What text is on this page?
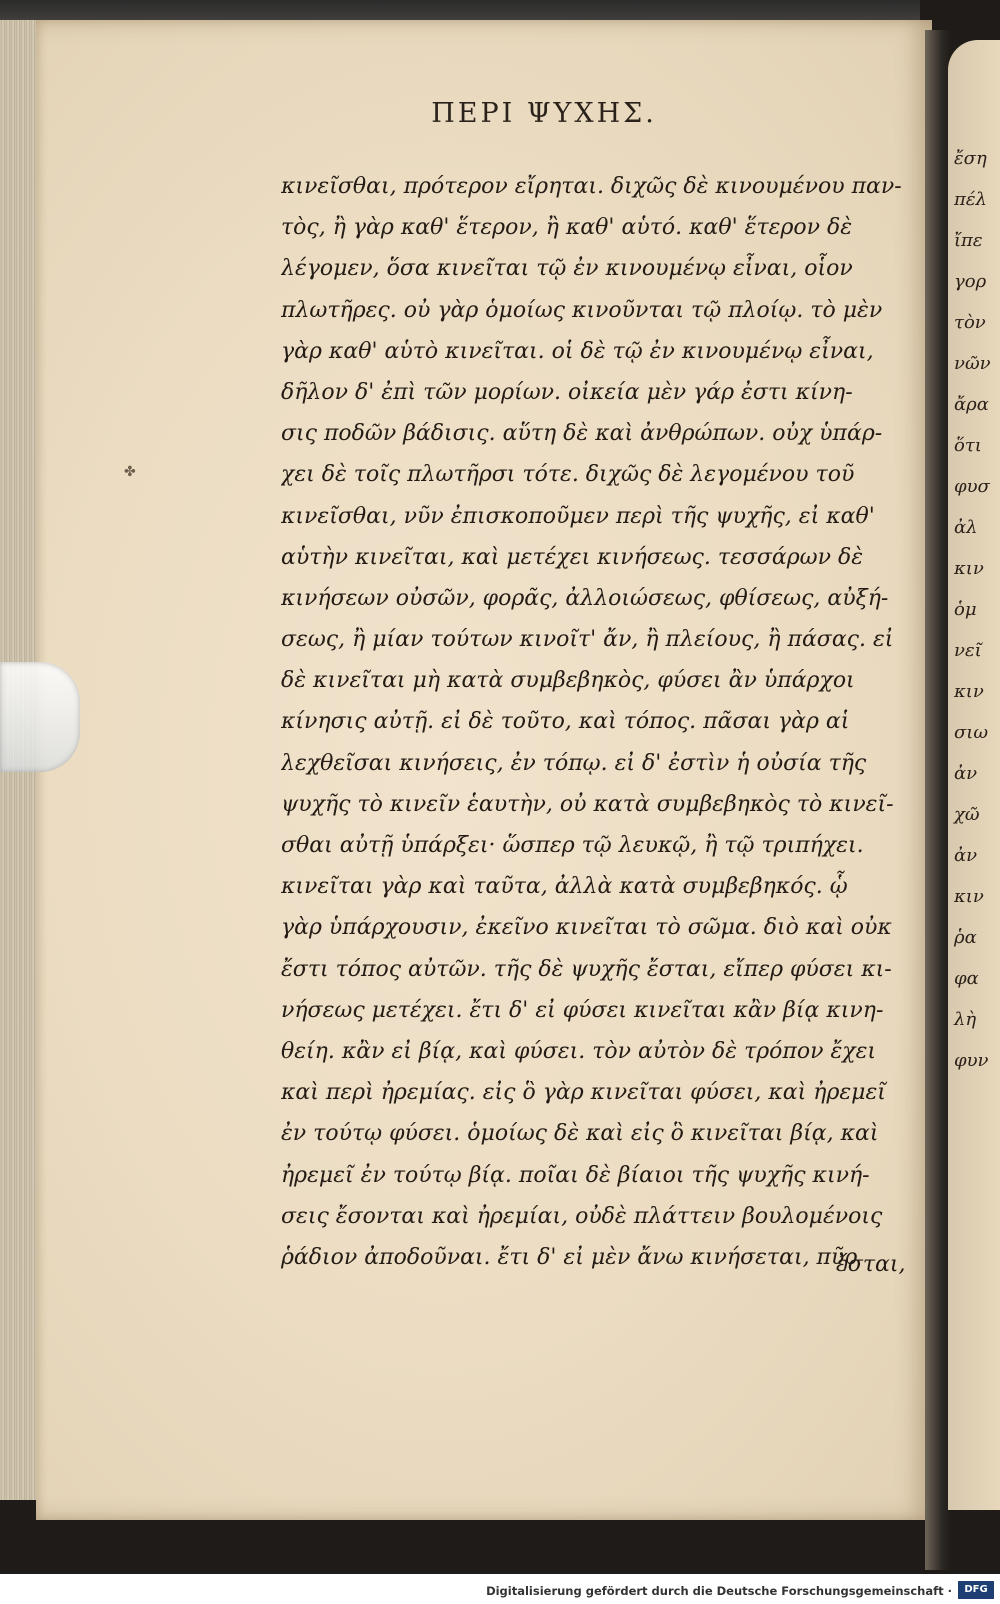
ΠΕΡΙ ΨΥΧΗΣ.
κινεῖσθαι, πρότερον εἴρηται. διχῶς δὲ κινουμένου παν-
τὸς, ἢ γὰρ καθ' ἕτερον, ἢ καθ' αὑτό. καθ' ἕτερον δὲ
λέγομεν, ὅσα κινεῖται τῷ ἐν κινουμένῳ εἶναι, οἷον
πλωτῆρες. οὐ γὰρ ὁμοίως κινοῦνται τῷ πλοίῳ. τὸ μὲν
γὰρ καθ' αὑτὸ κινεῖται. οἱ δὲ τῷ ἐν κινουμένῳ εἶναι,
δῆλον δ' ἐπὶ τῶν μορίων. οἰκεία μὲν γάρ ἐστι κίνη-
σις ποδῶν βάδισις. αὕτη δὲ καὶ ἀνθρώπων. οὐχ ὑπάρ-
χει δὲ τοῖς πλωτῆρσι τότε. διχῶς δὲ λεγομένου τοῦ
κινεῖσθαι, νῦν ἐπισκοποῦμεν περὶ τῆς ψυχῆς, εἰ καθ'
αὑτὴν κινεῖται, καὶ μετέχει κινήσεως. τεσσάρων δὲ
κινήσεων οὐσῶν, φορᾶς, ἀλλοιώσεως, φθίσεως, αὐξή-
σεως, ἢ μίαν τούτων κινοῖτ' ἄν, ἢ πλείους, ἢ πάσας. εἰ
δὲ κινεῖται μὴ κατὰ συμβεβηκὸς, φύσει ἂν ὑπάρχοι
κίνησις αὐτῇ. εἰ δὲ τοῦτο, καὶ τόπος. πᾶσαι γὰρ αἱ
λεχθεῖσαι κινήσεις, ἐν τόπῳ. εἰ δ' ἐστὶν ἡ οὐσία τῆς
ψυχῆς τὸ κινεῖν ἑαυτὴν, οὐ κατὰ συμβεβηκὸς τὸ κινεῖ-
σθαι αὐτῇ ὑπάρξει· ὥσπερ τῷ λευκῷ, ἢ τῷ τριπήχει.
κινεῖται γὰρ καὶ ταῦτα, ἀλλὰ κατὰ συμβεβηκός. ᾧ
γὰρ ὑπάρχουσιν, ἐκεῖνο κινεῖται τὸ σῶμα. διὸ καὶ οὐκ
ἔστι τόπος αὐτῶν. τῆς δὲ ψυχῆς ἔσται, εἴπερ φύσει κι-
νήσεως μετέχει. ἔτι δ' εἰ φύσει κινεῖται κἂν βίᾳ κινη-
θείη. κἂν εἰ βίᾳ, καὶ φύσει. τὸν αὐτὸν δὲ τρόπον ἔχει
καὶ περὶ ἠρεμίας. εἰς ὃ γὰρ κινεῖται φύσει, καὶ ἠρεμεῖ
ἐν τούτῳ φύσει. ὁμοίως δὲ καὶ εἰς ὃ κινεῖται βίᾳ, καὶ
ἠρεμεῖ ἐν τούτῳ βίᾳ. ποῖαι δὲ βίαιοι τῆς ψυχῆς κινή-
σεις ἔσονται καὶ ἠρεμίαι, οὐδὲ πλάττειν βουλομένοις
ῥάδιον ἀποδοῦναι. ἔτι δ' εἰ μὲν ἄνω κινήσεται, πῦρ
ἔσται,
✤
ἔση
πέλ
ἴπε
γορ
τὸν
νῶν
ἄρα
ὅτι
φυσ
ἀλ
κιν
ὁμ
νεῖ
κιν
σιω
ἀν
χῶ
ἀν
κιν
ῥα
φα
λὴ
φυν
Digitalisierung gefördert durch die Deutsche Forschungsgemeinschaft ·	DFG
